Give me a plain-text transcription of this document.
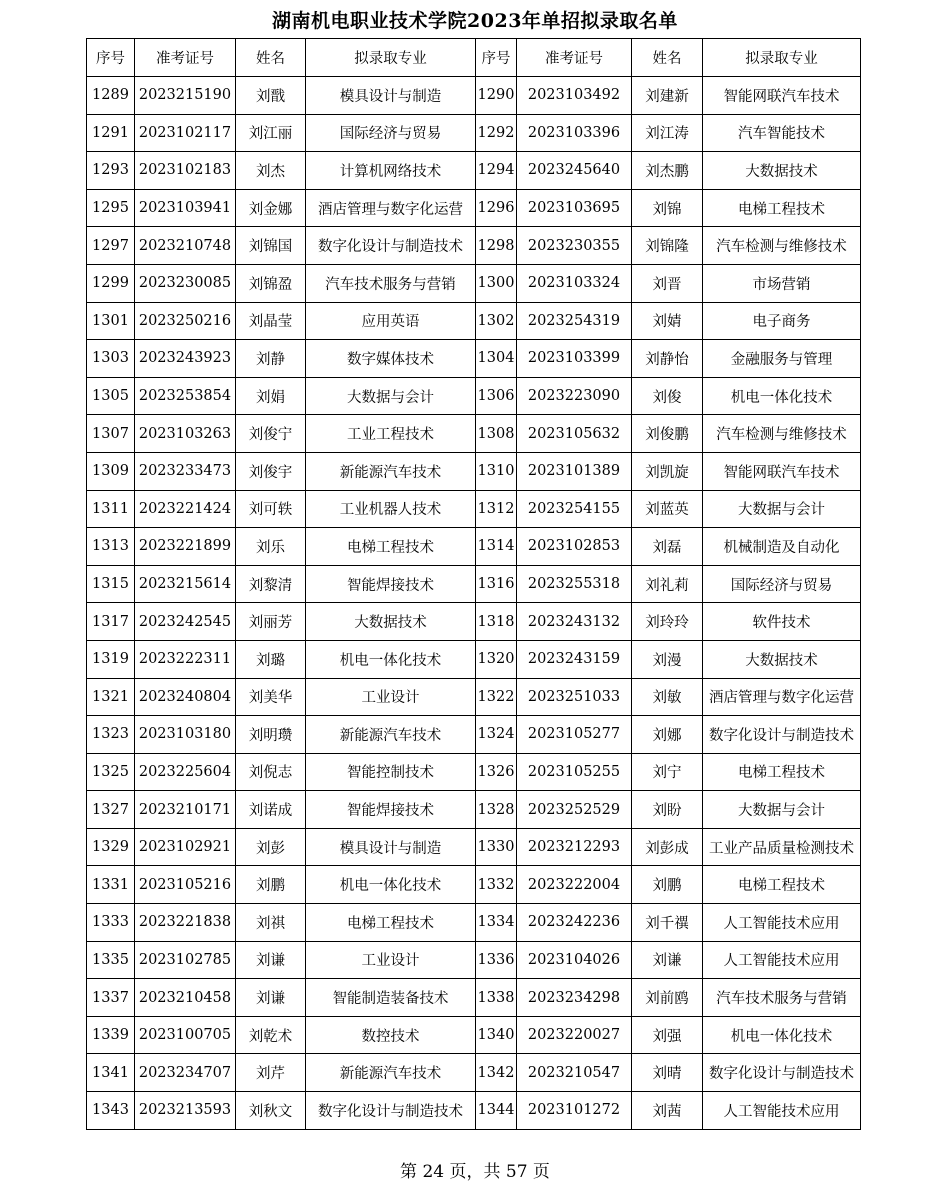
湖南机电职业技术学院2023年单招拟录取名单
序号	准考证号	姓名	拟录取专业	序号	准考证号	姓名	拟录取专业
1289	2023215190	刘戬	模具设计与制造	1290	2023103492	刘建新	智能网联汽车技术
1291	2023102117	刘江丽	国际经济与贸易	1292	2023103396	刘江涛	汽车智能技术
1293	2023102183	刘杰	计算机网络技术	1294	2023245640	刘杰鹏	大数据技术
1295	2023103941	刘金娜	酒店管理与数字化运营	1296	2023103695	刘锦	电梯工程技术
1297	2023210748	刘锦国	数字化设计与制造技术	1298	2023230355	刘锦隆	汽车检测与维修技术
1299	2023230085	刘锦盈	汽车技术服务与营销	1300	2023103324	刘晋	市场营销
1301	2023250216	刘晶莹	应用英语	1302	2023254319	刘婧	电子商务
1303	2023243923	刘静	数字媒体技术	1304	2023103399	刘静怡	金融服务与管理
1305	2023253854	刘娟	大数据与会计	1306	2023223090	刘俊	机电一体化技术
1307	2023103263	刘俊宁	工业工程技术	1308	2023105632	刘俊鹏	汽车检测与维修技术
1309	2023233473	刘俊宇	新能源汽车技术	1310	2023101389	刘凯旋	智能网联汽车技术
1311	2023221424	刘可轶	工业机器人技术	1312	2023254155	刘蓝英	大数据与会计
1313	2023221899	刘乐	电梯工程技术	1314	2023102853	刘磊	机械制造及自动化
1315	2023215614	刘黎清	智能焊接技术	1316	2023255318	刘礼莉	国际经济与贸易
1317	2023242545	刘丽芳	大数据技术	1318	2023243132	刘玲玲	软件技术
1319	2023222311	刘璐	机电一体化技术	1320	2023243159	刘漫	大数据技术
1321	2023240804	刘美华	工业设计	1322	2023251033	刘敏	酒店管理与数字化运营
1323	2023103180	刘明瓒	新能源汽车技术	1324	2023105277	刘娜	数字化设计与制造技术
1325	2023225604	刘倪志	智能控制技术	1326	2023105255	刘宁	电梯工程技术
1327	2023210171	刘诺成	智能焊接技术	1328	2023252529	刘盼	大数据与会计
1329	2023102921	刘彭	模具设计与制造	1330	2023212293	刘彭成	工业产品质量检测技术
1331	2023105216	刘鹏	机电一体化技术	1332	2023222004	刘鹏	电梯工程技术
1333	2023221838	刘祺	电梯工程技术	1334	2023242236	刘千禩	人工智能技术应用
1335	2023102785	刘谦	工业设计	1336	2023104026	刘谦	人工智能技术应用
1337	2023210458	刘谦	智能制造装备技术	1338	2023234298	刘前鸥	汽车技术服务与营销
1339	2023100705	刘乾术	数控技术	1340	2023220027	刘强	机电一体化技术
1341	2023234707	刘芹	新能源汽车技术	1342	2023210547	刘晴	数字化设计与制造技术
1343	2023213593	刘秋文	数字化设计与制造技术	1344	2023101272	刘茜	人工智能技术应用
第 24 页，共 57 页
